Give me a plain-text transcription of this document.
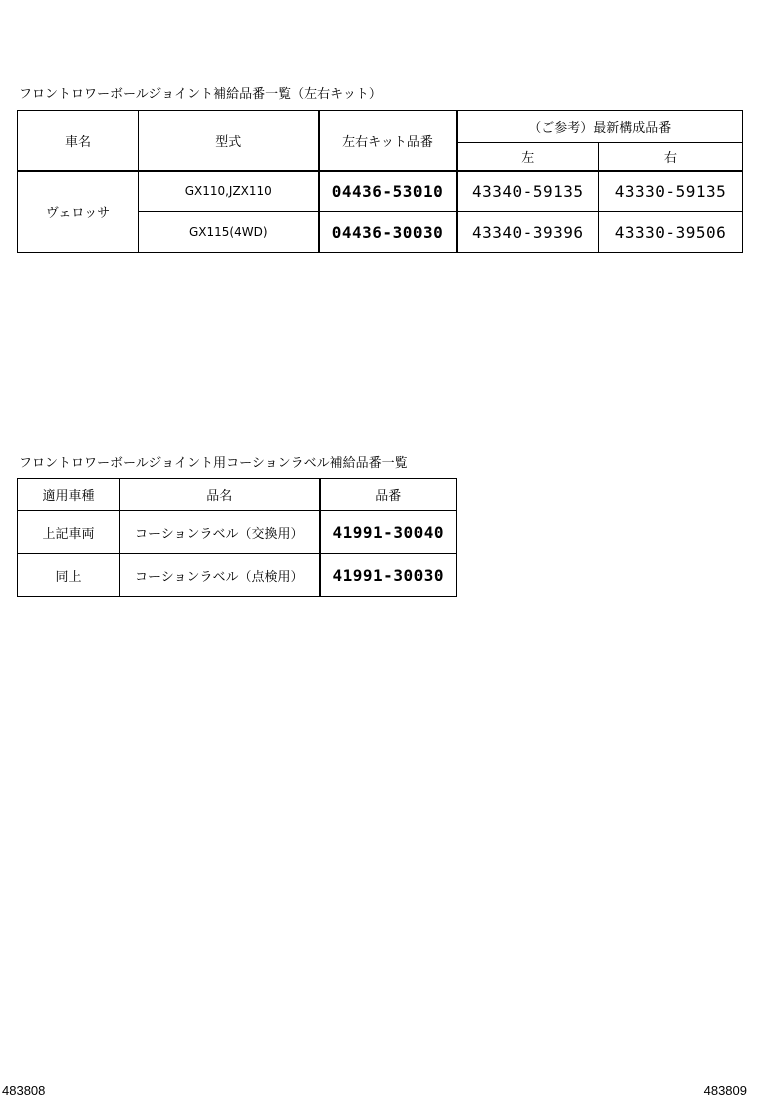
フロントロワーボールジョイント補給品番一覧（左右キット）
車名	型式	左右キット品番	（ご参考）最新構成品番	
			左	右
ヴェロッサ	GX110,JZX110	04436-53010	43340-59135	43330-59135
	GX115(4WD)	04436-30030	43340-39396	43330-39506
フロントロワーボールジョイント用コーションラベル補給品番一覧
適用車種	品名	品番
上記車両	コーションラベル（交換用）	41991-30040
同上	コーションラベル（点検用）	41991-30030
483808	483809
